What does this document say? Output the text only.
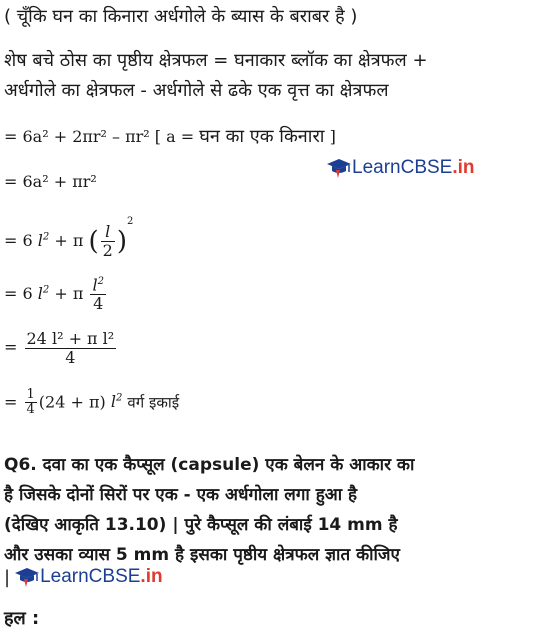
( चूँकि घन का किनारा अर्धगोले के ब्यास के बराबर है )
शेष बचे ठोस का पृष्ठीय क्षेत्रफल = घनाकार ब्लॉक का क्षेत्रफल +
अर्धगोले का क्षेत्रफल - अर्धगोले से ढके एक वृत्त का क्षेत्रफल
= 6a² + 2πr² – πr² [ a = घन का एक किनारा ]
LearnCBSE .in
= 6a² + πr²
= 6 $l^2 + \pi$ ( $\frac{l}{2} )^2$
= 6 $l^2 + \pi \frac{l^2}{4}$
= $\frac{\text{24 l² + π l²}}{4}$
= $\frac{1}{4} (24 + \pi)$ $l^2$ वर्ग इकाई
Q6. दवा का एक कैप्सूल (capsule) एक बेलन के आकार का
है जिसके दोनों सिरों पर एक - एक अर्धगोला लगा हुआ है
(देखिए आकृति 13.10) | पुरे कैप्सूल की लंबाई 14 mm है
और उसका व्यास 5 mm है इसका पृष्ठीय क्षेत्रफल ज्ञात कीजिए
| LearnCBSE .in
हल :
